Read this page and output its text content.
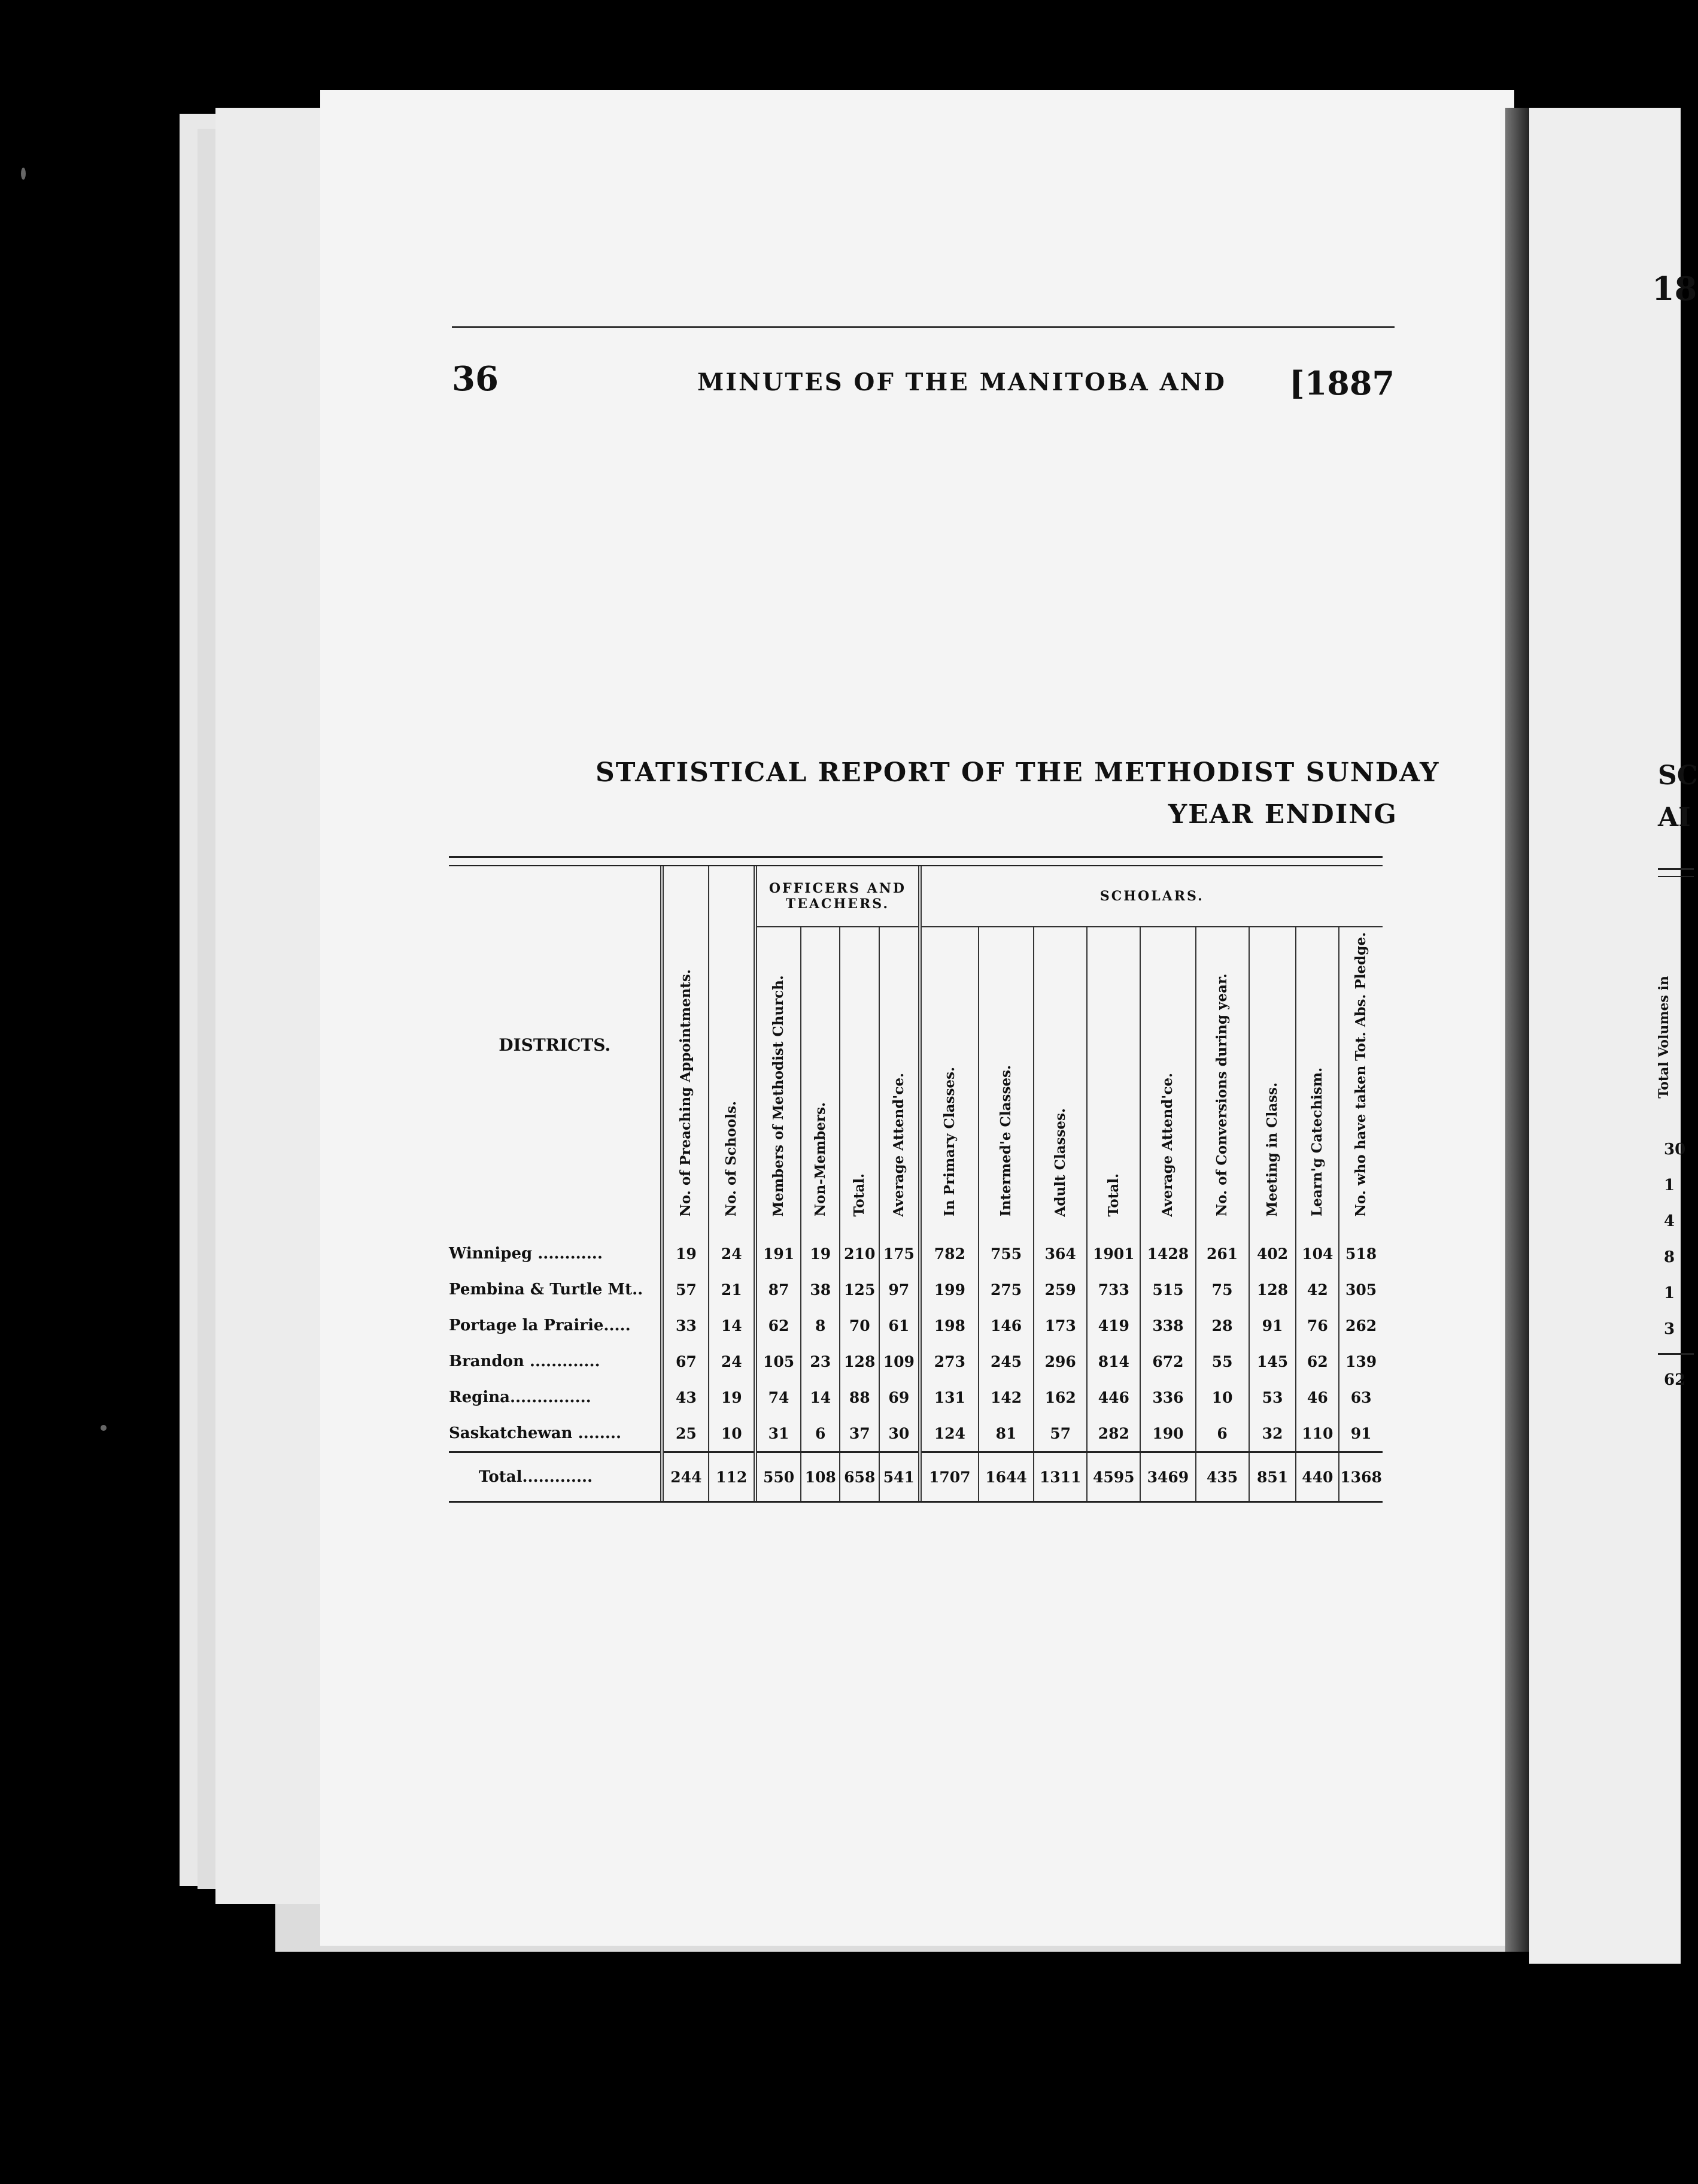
36	MINUTES OF THE MANITOBA AND [1887
STATISTICAL REPORT OF THE METHODIST SUNDAY
YEAR ENDING
DISTRICTS.	No. of Preaching Appointments.	No. of Schools.	OFFICERS AND TEACHERS.				SCHOLARS.								
			Members of Methodist Church.	Non-Members.	Total.	Average Attend'ce.	In Primary Classes.	Intermed'e Classes.	Adult Classes.	Total.	Average Attend'ce.	No. of Conversions during year.	Meeting in Class.	Learn'g Catechism.	No. who have taken Tot. Abs. Pledge.
Winnipeg ............	19	24	191	19	210	175	782	755	364	1901	1428	261	402	104	518
Pembina & Turtle Mt..	57	21	87	38	125	97	199	275	259	733	515	75	128	42	305
Portage la Prairie.....	33	14	62	8	70	61	198	146	173	419	338	28	91	76	262
Brandon .............	67	24	105	23	128	109	273	245	296	814	672	55	145	62	139
Regina...............	43	19	74	14	88	69	131	142	162	446	336	10	53	46	63
Saskatchewan ........	25	10	31	6	37	30	124	81	57	282	190	6	32	110	91
Total.............	244	112	550	108	658	541	1707	1644	1311	4595	3469	435	851	440	1368
18
SC
AI
Total Volumes in
30
1
4
8
1
3
62
